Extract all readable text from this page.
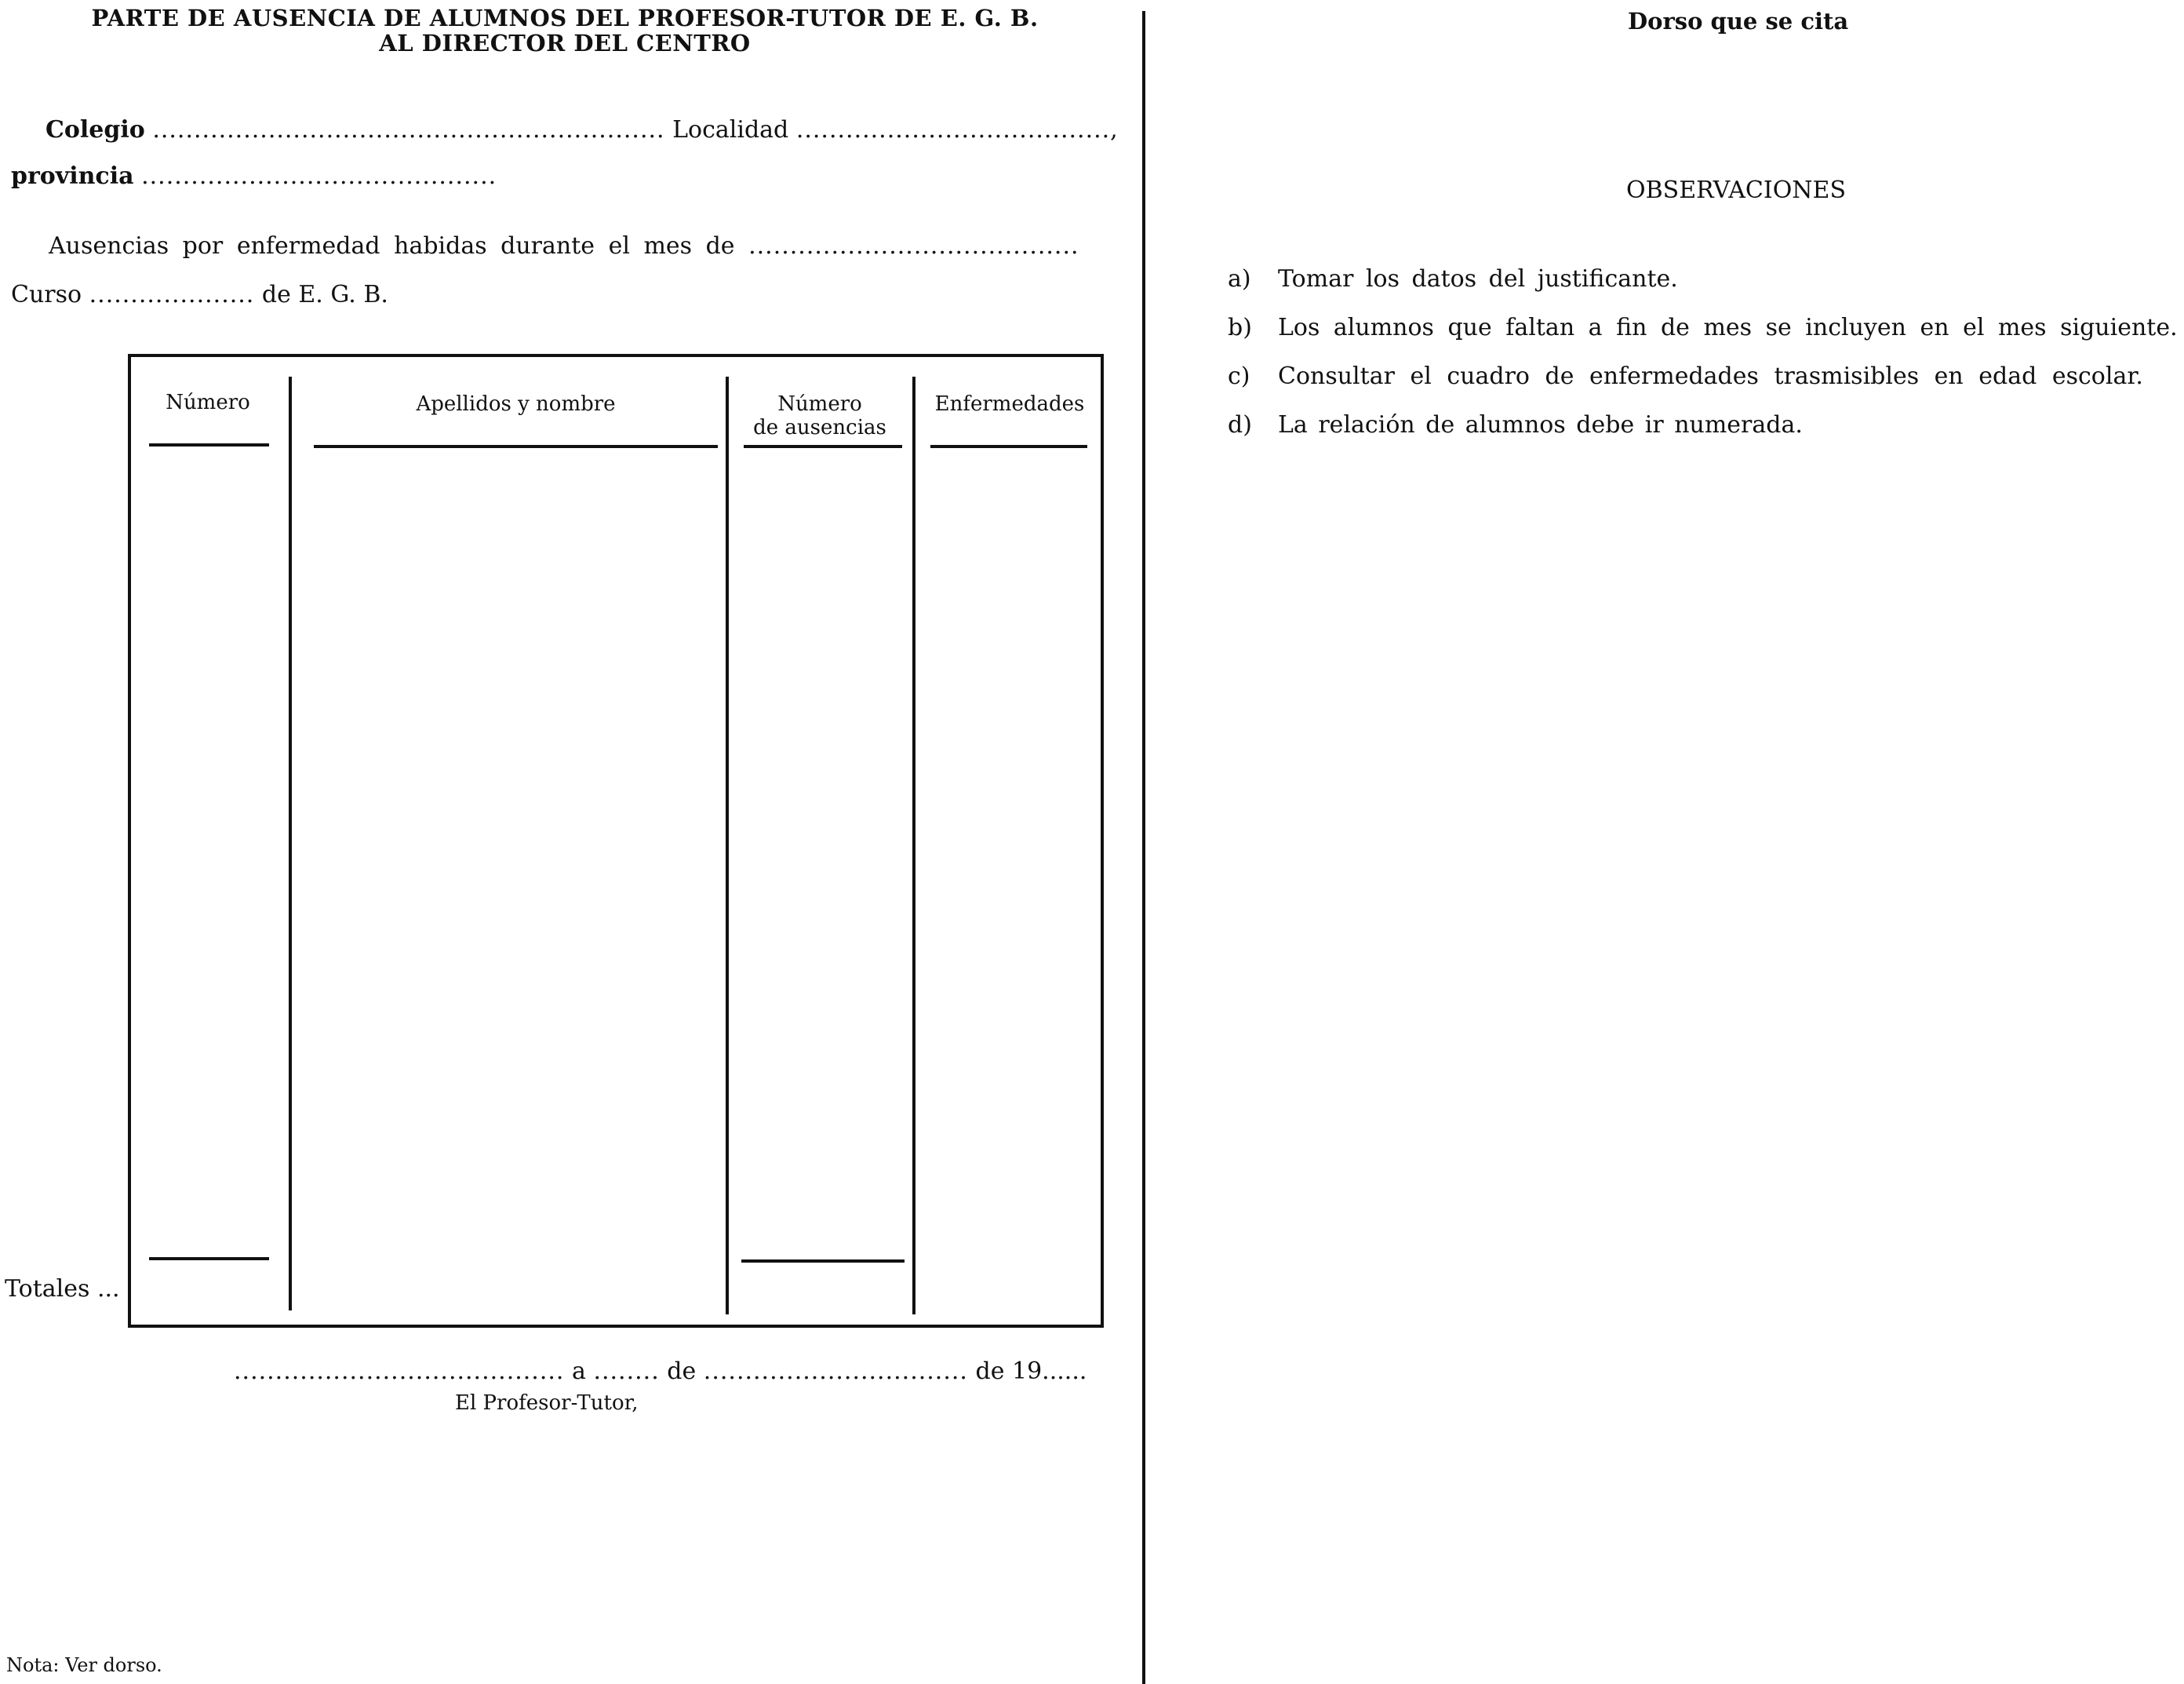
PARTE DE AUSENCIA DE ALUMNOS DEL PROFESOR-TUTOR DE E. G. B.
AL DIRECTOR DEL CENTRO
Colegio .............................................................. Localidad ......................................,
provincia ...........................................
Ausencias por enfermedad habidas durante el mes de ........................................
Curso .................... de E. G. B.
Número	Apellidos y nombre	Número
de ausencias
Enfermedades
Totales ...
........................................ a ........ de ................................ de 19......
El Profesor-Tutor,
Nota: Ver dorso.
Dorso que se cita
OBSERVACIONES
a) Tomar los datos del justificante.
b) Los alumnos que faltan a fin de mes se incluyen en el mes siguiente.
c) Consultar el cuadro de enfermedades trasmisibles en edad escolar.
d) La relación de alumnos debe ir numerada.
